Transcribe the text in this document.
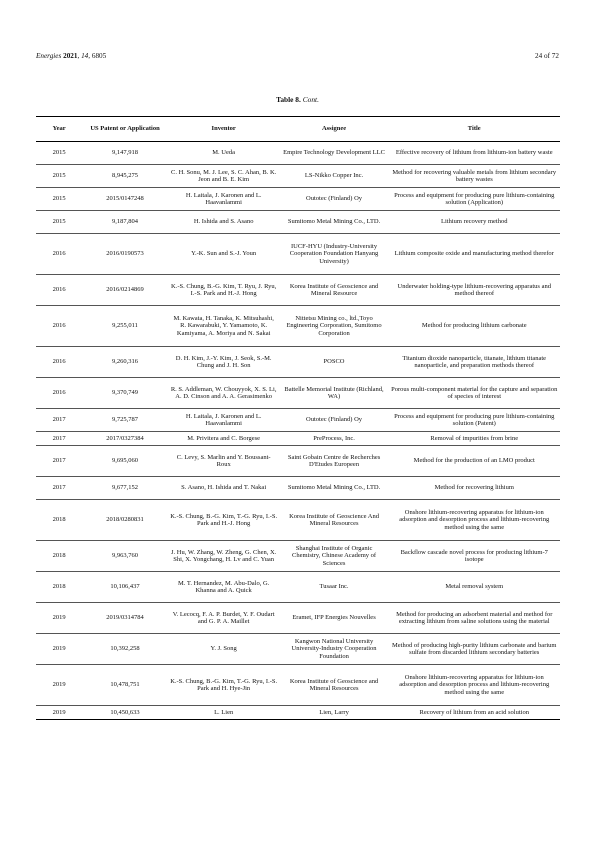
Energies 2021, 14, 6805	24 of 72
Table 8. Cont.
Year	US Patent or Application	Inventor	Assignee	Title
2015	9,147,918	M. Ueda	Empire Technology Development LLC	Effective recovery of lithium from lithium-ion battery waste
2015	8,945,275	C. H. Sonu, M. J. Lee, S. C. Ahan, B. K. Jeon and B. E. Kim	LS-Nikko Copper Inc.	Method for recovering valuable metals from lithium secondary battery wastes
2015	2015/0147248	H. Laitala, J. Karonen and L. Haavanlammi	Outotec (Finland) Oy	Process and equipment for producing pure lithium-containing solution (Application)
2015	9,187,804	H. Ishida and S. Asano	Sumitomo Metal Mining Co., LTD.	Lithium recovery method
2016	2016/0190573	Y.-K. Sun and S.-J. Youn	IUCF-HYU (Industry-University Cooperation Foundation Hanyang University)	Lithium composite oxide and manufacturing method therefor
2016	2016/0214869	K.-S. Chung, B.-G. Kim, T. Ryu, J. Ryu, I.-S. Park and H.-J. Hong	Korea Institute of Geoscience and Mineral Resource	Underwater holding-type lithium-recovering apparatus and method thereof
2016	9,255,011	M. Kawata, H. Tanaka, K. Mitsuhashi, R. Kawarabuki, Y. Yamamoto, K. Kamiyama, A. Moriya and N. Sakai	Nittetsu Mining co., ltd.,Toyo Engineering Corporation, Sumitomo Corporation	Method for producing lithium carbonate
2016	9,260,316	D. H. Kim, J.-Y. Kim, J. Seok, S.-M. Chung and J. H. Son	POSCO	Titanium dioxide nanoparticle, titanate, lithium titanate nanoparticle, and preparation methods thereof
2016	9,370,749	R. S. Addleman, W. Chouyyok, X. S. Li, A. D. Cinson and A. A. Gerasimenko	Battelle Memorial Institute (Richland, WA)	Porous multi-component material for the capture and separation of species of interest
2017	9,725,787	H. Laitala, J. Karonen and L. Haavanlammi	Outotec (Finland) Oy	Process and equipment for producing pure lithium-containing solution (Patent)
2017	2017/0327384	M. Privitera and C. Borgese	PreProcess, Inc.	Removal of impurities from brine
2017	9,695,060	C. Levy, S. Marlin and Y. Boussant-Roux	Saint Gobain Centre de Recherches D'Etudes Europeen	Method for the production of an LMO product
2017	9,677,152	S. Asano, H. Ishida and T. Nakai	Sumitomo Metal Mining Co., LTD.	Method for recovering lithium
2018	2018/0280831	K.-S. Chung, B.-G. Kim, T.-G. Ryu, I.-S. Park and H.-J. Hong	Korea Institute of Geoscience And Mineral Resources	Onshore lithium-recovering apparatus for lithium-ion adsorption and desorption process and lithium-recovering method using the same
2018	9,963,760	J. Hu, W. Zhang, W. Zheng, G. Chen, X. Shi, X. Yongchang, H. Lv and C. Yuan	Shanghai Institute of Organic Chemistry, Chinese Academy of Sciences	Backflow cascade novel process for producing lithium-7 isotope
2018	10,106,437	M. T. Hernandez, M. Abu-Dalo, G. Khanna and A. Quick	Tusaar Inc.	Metal removal system
2019	2019/0314784	V. Lecocq, F. A. P. Burdet, Y. F. Oudart and G. P. A. Maillet	Eramet, IFP Energies Nouvelles	Method for producing an adsorbent material and method for extracting lithium from saline solutions using the material
2019	10,392,258	Y. J. Song	Kangwon National University University-Industry Cooperation Foundation	Method of producing high-purity lithium carbonate and barium sulfate from discarded lithium secondary batteries
2019	10,478,751	K.-S. Chung, B.-G. Kim, T.-G. Ryu, I.-S. Park and H. Hye-Jin	Korea Institute of Geoscience and Mineral Resources	Onshore lithium-recovering apparatus for lithium-ion adsorption and desorption process and lithium-recovering method using the same
2019	10,450,633	L. Lien	Lien, Larry	Recovery of lithium from an acid solution
